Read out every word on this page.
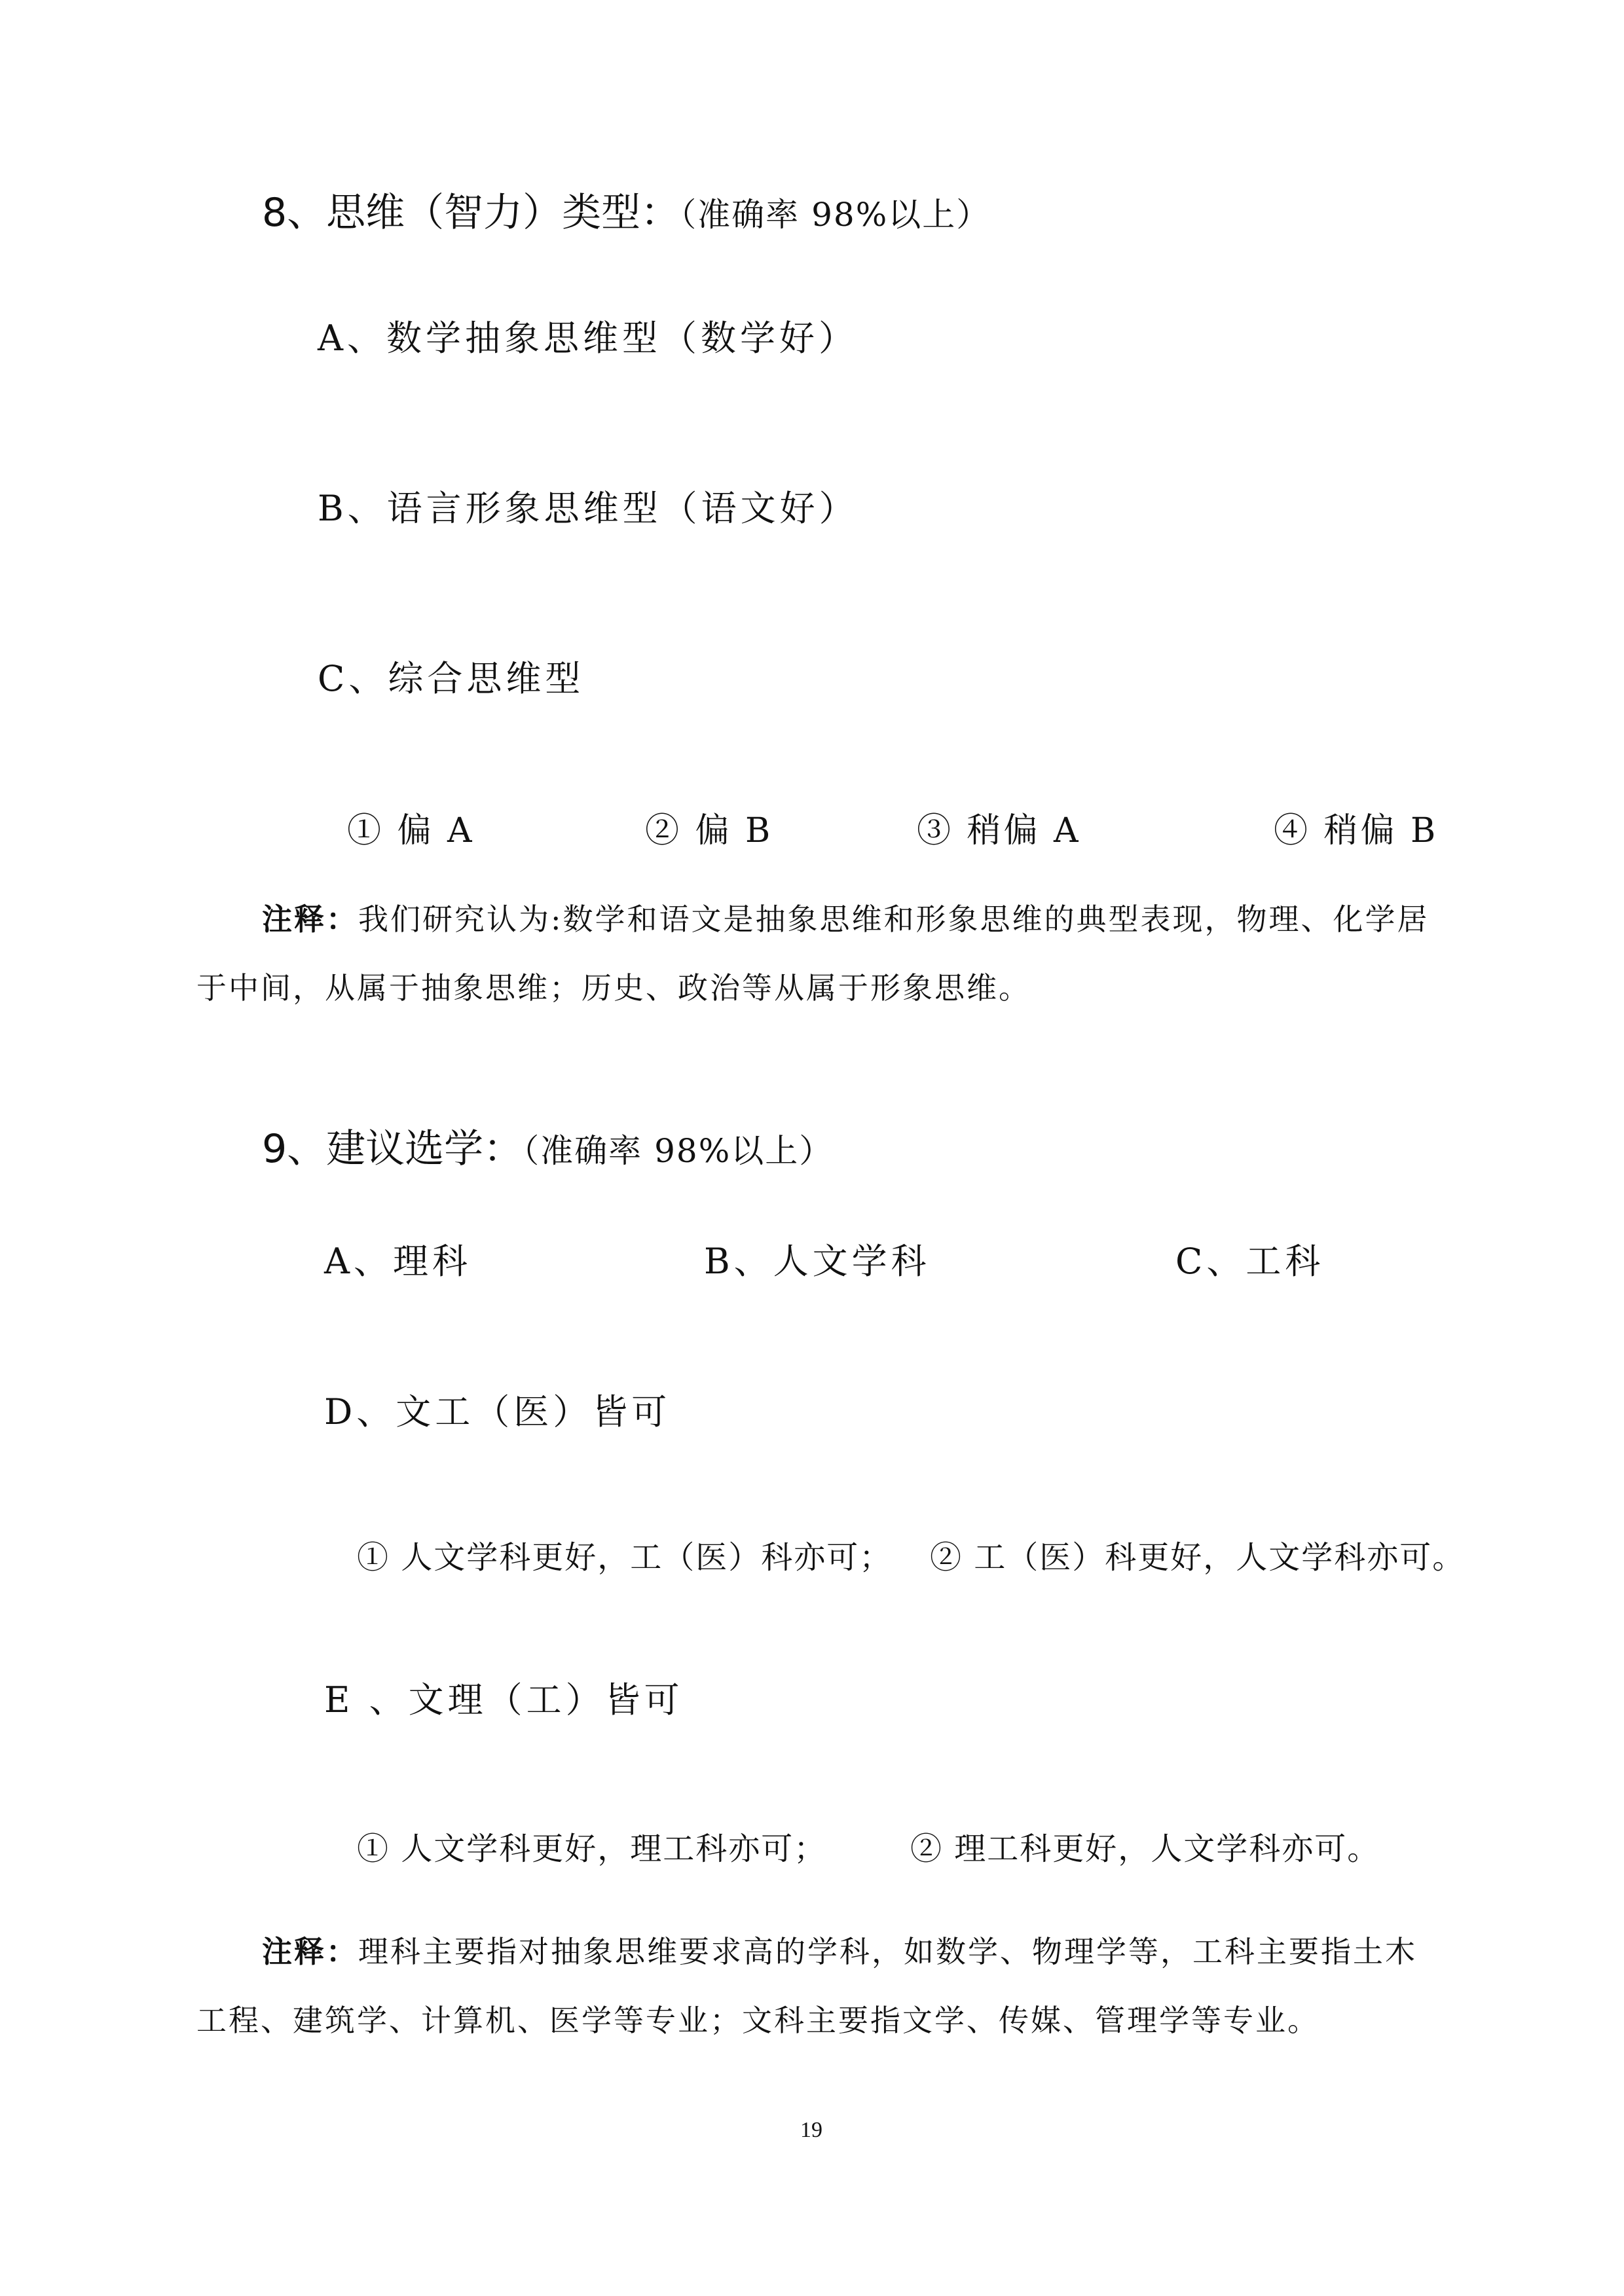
8、思维（智力）类型：（准确率 98%以上）
A、数学抽象思维型（数学好）
B、语言形象思维型（语文好）
C、综合思维型
① 偏 A	② 偏 B	③ 稍偏 A	④ 稍偏 B
注释：我们研究认为:数学和语文是抽象思维和形象思维的典型表现，物理、化学居
于中间，从属于抽象思维；历史、政治等从属于形象思维。
9、建议选学：（准确率 98%以上）
A、理科	B、人文学科	C、工科
D、文工（医）皆可
① 人文学科更好，工（医）科亦可； ② 工（医）科更好，人文学科亦可。
E 、文理（工）皆可
① 人文学科更好，理工科亦可；	② 理工科更好，人文学科亦可。
注释：理科主要指对抽象思维要求高的学科，如数学、物理学等，工科主要指土木
工程、建筑学、计算机、医学等专业；文科主要指文学、传媒、管理学等专业。
19
